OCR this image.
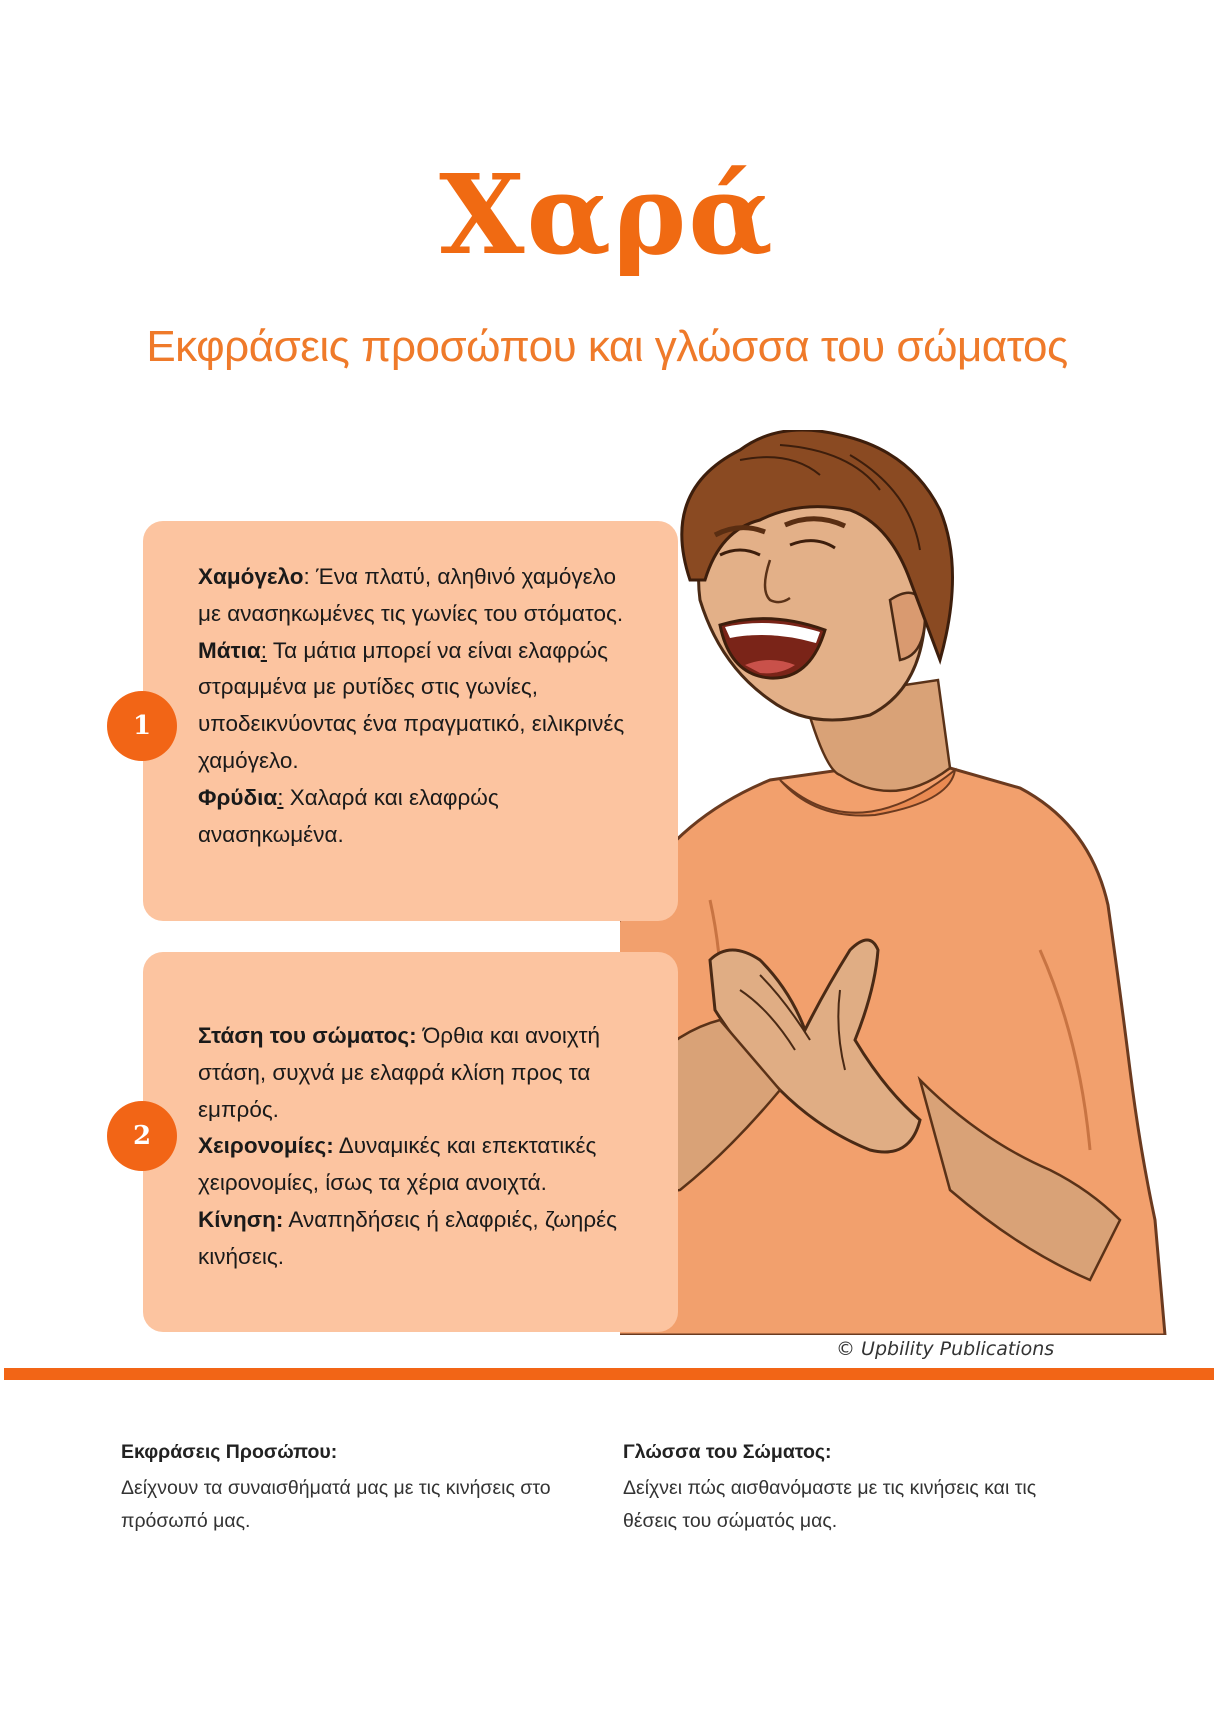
Χαρά
Εκφράσεις προσώπου και γλώσσα του σώματος
Χαμόγελο: Ένα πλατύ, αληθινό χαμόγελο με ανασηκωμένες τις γωνίες του στόματος.
Μάτια: Τα μάτια μπορεί να είναι ελαφρώς στραμμένα με ρυτίδες στις γωνίες, υποδεικνύοντας ένα πραγματικό, ειλικρινές χαμόγελο.
Φρύδια: Χαλαρά και ελαφρώς ανασηκωμένα.
1
Στάση του σώματος: Όρθια και ανοιχτή στάση, συχνά με ελαφρά κλίση προς τα εμπρός.
Χειρονομίες: Δυναμικές και επεκτατικές χειρονομίες, ίσως τα χέρια ανοιχτά.
Κίνηση: Αναπηδήσεις ή ελαφριές, ζωηρές κινήσεις.
2
© Upbility Publications
Εκφράσεις Προσώπου:
Δείχνουν τα συναισθήματά μας με τις κινήσεις στο πρόσωπό μας.
Γλώσσα του Σώματος:
Δείχνει πώς αισθανόμαστε με τις κινήσεις και τις θέσεις του σώματός μας.
